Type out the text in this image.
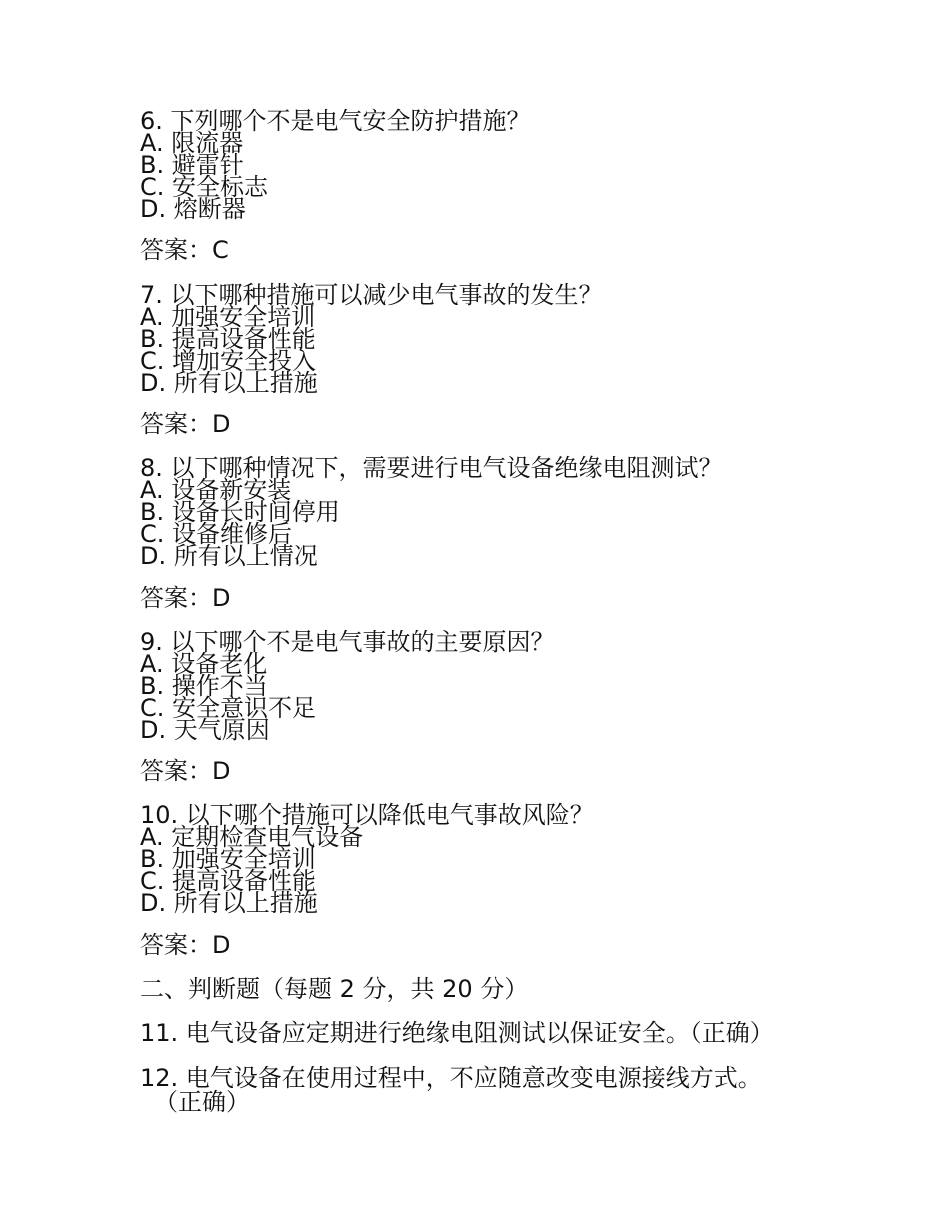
6. 下列哪个不是电气安全防护措施？
A. 限流器
B. 避雷针
C. 安全标志
D. 熔断器
答案：C
7. 以下哪种措施可以减少电气事故的发生？
A. 加强安全培训
B. 提高设备性能
C. 增加安全投入
D. 所有以上措施
答案：D
8. 以下哪种情况下，需要进行电气设备绝缘电阻测试？
A. 设备新安装
B. 设备长时间停用
C. 设备维修后
D. 所有以上情况
答案：D
9. 以下哪个不是电气事故的主要原因？
A. 设备老化
B. 操作不当
C. 安全意识不足
D. 天气原因
答案：D
10. 以下哪个措施可以降低电气事故风险？
A. 定期检查电气设备
B. 加强安全培训
C. 提高设备性能
D. 所有以上措施
答案：D
二、判断题（每题 2 分，共 20 分）
11. 电气设备应定期进行绝缘电阻测试以保证安全。（正确）
12. 电气设备在使用过程中，不应随意改变电源接线方式。
（正确）
